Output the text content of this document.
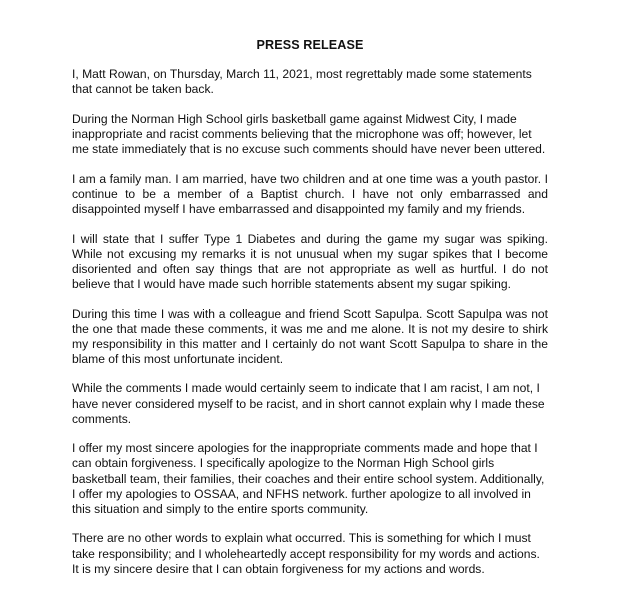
PRESS RELEASE

I, Matt Rowan, on Thursday, March 11, 2021, most regrettably made some statements that cannot be taken back.

During the Norman High School girls basketball game against Midwest City, I made inappropriate and racist comments believing that the microphone was off; however, let me state immediately that is no excuse such comments should have never been uttered.

I am a family man. I am married, have two children and at one time was a youth pastor. I continue to be a member of a Baptist church. I have not only embarrassed and disappointed myself I have embarrassed and disappointed my family and my friends.

I will state that I suffer Type 1 Diabetes and during the game my sugar was spiking. While not excusing my remarks it is not unusual when my sugar spikes that I become disoriented and often say things that are not appropriate as well as hurtful. I do not believe that I would have made such horrible statements absent my sugar spiking.

During this time I was with a colleague and friend Scott Sapulpa. Scott Sapulpa was not the one that made these comments, it was me and me alone. It is not my desire to shirk my responsibility in this matter and I certainly do not want Scott Sapulpa to share in the blame of this most unfortunate incident.

While the comments I made would certainly seem to indicate that I am racist, I am not, I have never considered myself to be racist, and in short cannot explain why I made these comments.

I offer my most sincere apologies for the inappropriate comments made and hope that I can obtain forgiveness. I specifically apologize to the Norman High School girls basketball team, their families, their coaches and their entire school system. Additionally, I offer my apologies to OSSAA, and NFHS network. further apologize to all involved in this situation and simply to the entire sports community.

There are no other words to explain what occurred. This is something for which I must take responsibility; and I wholeheartedly accept responsibility for my words and actions. It is my sincere desire that I can obtain forgiveness for my actions and words.
